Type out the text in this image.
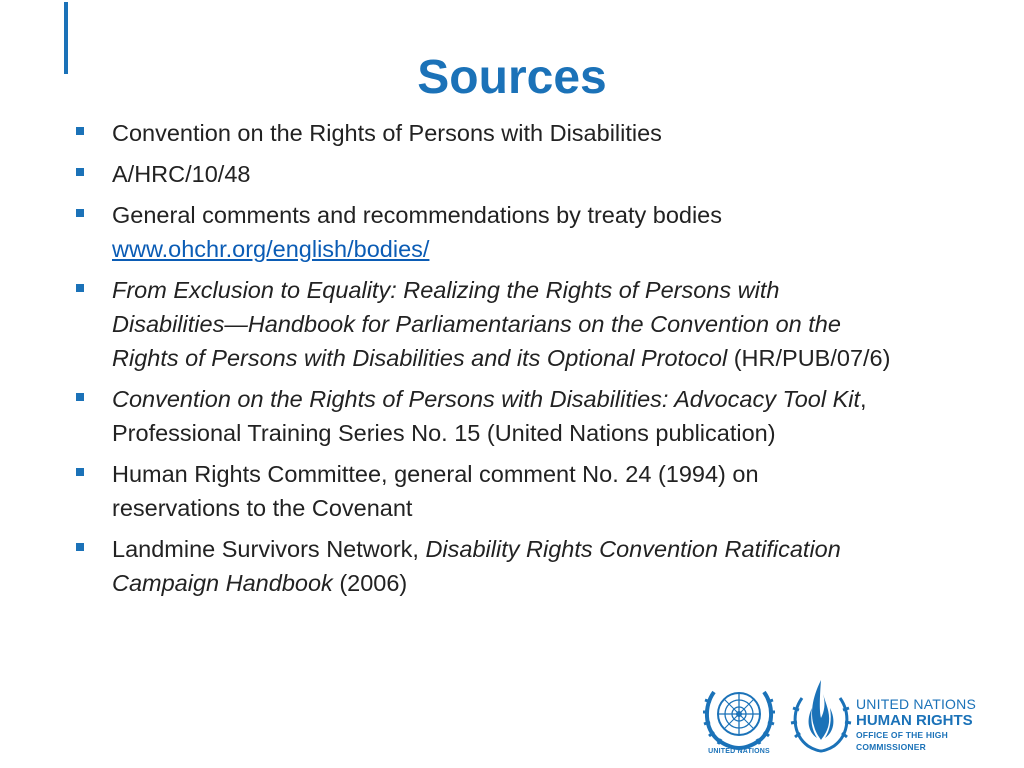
Sources
Convention on the Rights of Persons with Disabilities
A/HRC/10/48
General comments and recommendations by treaty bodies
www.ohchr.org/english/bodies/
From Exclusion to Equality: Realizing the Rights of Persons with Disabilities—Handbook for Parliamentarians on the Convention on the Rights of Persons with Disabilities and its Optional Protocol (HR/PUB/07/6)
Convention on the Rights of Persons with Disabilities: Advocacy Tool Kit, Professional Training Series No. 15 (United Nations publication)
Human Rights Committee, general comment No. 24 (1994) on reservations to the Covenant
Landmine Survivors Network, Disability Rights Convention Ratification Campaign Handbook (2006)
UNITED NATIONS
UNITED NATIONS
HUMAN RIGHTS
OFFICE OF THE HIGH COMMISSIONER
